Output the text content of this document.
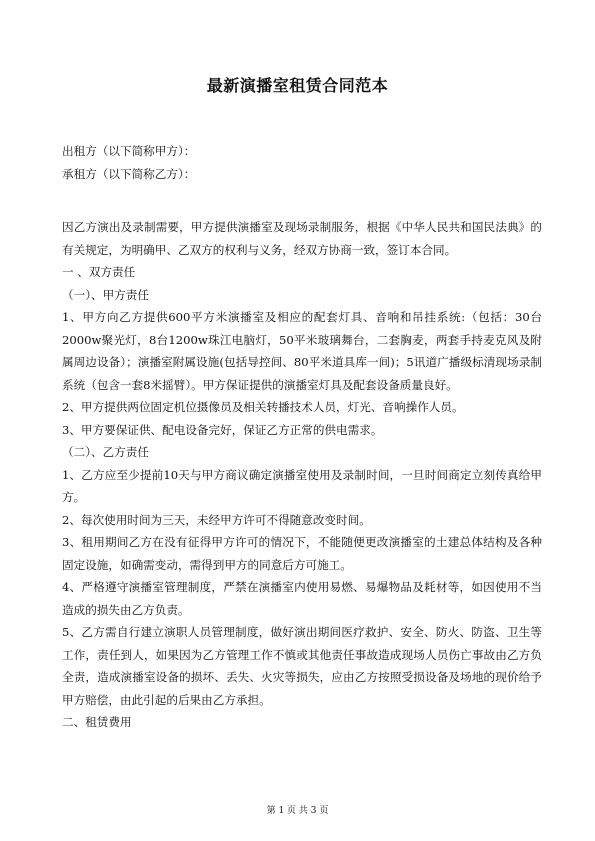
最新演播室租赁合同范本

出租方（以下简称甲方）：

承租方（以下简称乙方）：

因乙方演出及录制需要，甲方提供演播室及现场录制服务，根据《中华人民共和国民法典》的有关规定，为明确甲、乙双方的权利与义务，经双方协商一致，签订本合同。

一 、双方责任

（一）、甲方责任

1、甲方向乙方提供600平方米演播室及相应的配套灯具、音响和吊挂系统:（包括：30台2000w聚光灯，8台1200w珠江电脑灯，50平米玻璃舞台，二套胸麦，两套手持麦克风及附属周边设备）；演播室附属设施(包括导控间、80平米道具库一间)；5讯道广播级标清现场录制系统（包含一套8米摇臂）。甲方保证提供的演播室灯具及配套设备质量良好。

2、甲方提供两位固定机位摄像员及相关转播技术人员，灯光、音响操作人员。

3、甲方要保证供、配电设备完好，保证乙方正常的供电需求。

（二）、乙方责任

1、乙方应至少提前10天与甲方商议确定演播室使用及录制时间，一旦时间商定立刻传真给甲方。

2、每次使用时间为三天，未经甲方许可不得随意改变时间。

3、租用期间乙方在没有征得甲方许可的情况下，不能随便更改演播室的土建总体结构及各种固定设施，如确需变动，需得到甲方的同意后方可施工。

4、严格遵守演播室管理制度，严禁在演播室内使用易燃、易爆物品及耗材等，如因使用不当造成的损失由乙方负责。

5、乙方需自行建立演职人员管理制度，做好演出期间医疗救护、安全、防火、防盗、卫生等工作，责任到人，如果因为乙方管理工作不慎或其他责任事故造成现场人员伤亡事故由乙方负全责，造成演播室设备的损坏、丢失、火灾等损失，应由乙方按照受损设备及场地的现价给予甲方赔偿，由此引起的后果由乙方承担。

二、租赁费用

第 1 页 共 3 页
